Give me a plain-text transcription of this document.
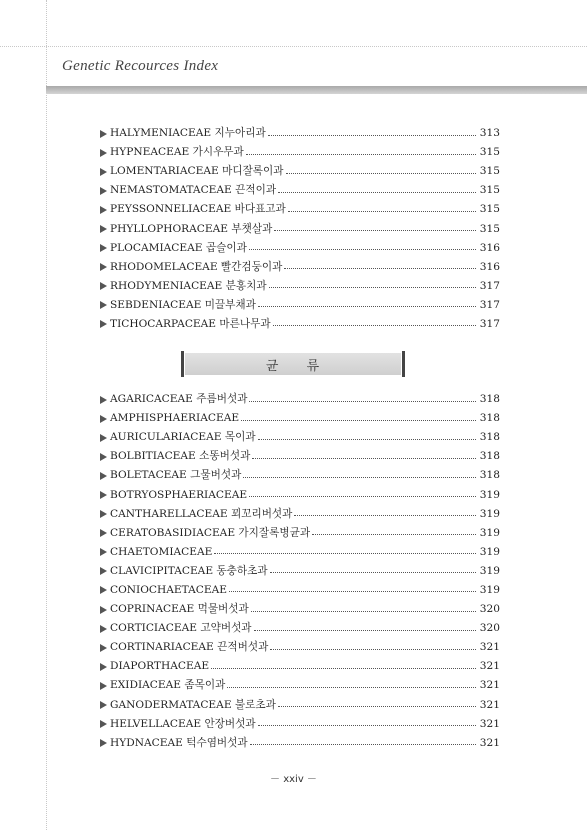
Genetic Recources Index
HALYMENIACEAE 지누아리과	313
HYPNEACEAE 가시우무과	315
LOMENTARIACEAE 마디잘록이과	315
NEMASTOMATACEAE 끈적이과	315
PEYSSONNELIACEAE 바다표고과	315
PHYLLOPHORACEAE 부챗살과	315
PLOCAMIACEAE 곱슬이과	316
RHODOMELACEAE 빨간검둥이과	316
RHODYMENIACEAE 분홍치과	317
SEBDENIACEAE 미끌부채과	317
TICHOCARPACEAE 마른나무과	317
균 류
AGARICACEAE 주름버섯과	318
AMPHISPHAERIACEAE	318
AURICULARIACEAE 목이과	318
BOLBITIACEAE 소똥버섯과	318
BOLETACEAE 그물버섯과	318
BOTRYOSPHAERIACEAE	319
CANTHARELLACEAE 꾀꼬리버섯과	319
CERATOBASIDIACEAE 가지잘록병균과	319
CHAETOMIACEAE	319
CLAVICIPITACEAE 동충하초과	319
CONIOCHAETACEAE	319
COPRINACEAE 먹물버섯과	320
CORTICIACEAE 고약버섯과	320
CORTINARIACEAE 끈적버섯과	321
DIAPORTHACEAE	321
EXIDIACEAE 좀목이과	321
GANODERMATACEAE 불로초과	321
HELVELLACEAE 안장버섯과	321
HYDNACEAE 턱수염버섯과	321
－ xxiv －
